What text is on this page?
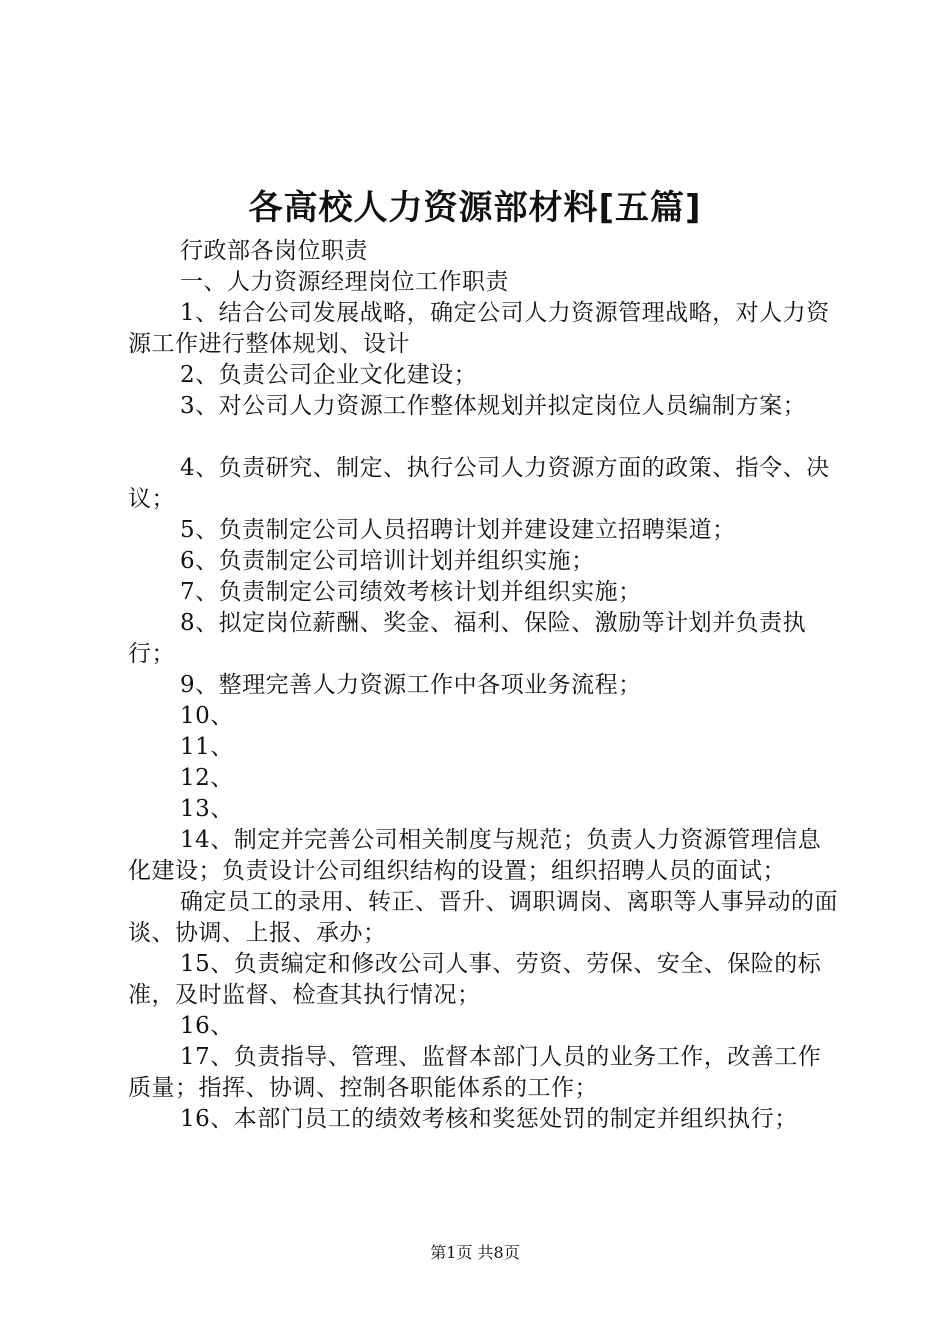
各高校人力资源部材料[五篇]

行政部各岗位职责

一、人力资源经理岗位工作职责

1、结合公司发展战略，确定公司人力资源管理战略，对人力资源工作进行整体规划、设计

2、负责公司企业文化建设；

3、对公司人力资源工作整体规划并拟定岗位人员编制方案；

4、负责研究、制定、执行公司人力资源方面的政策、指令、决议；

5、负责制定公司人员招聘计划并建设建立招聘渠道；

6、负责制定公司培训计划并组织实施；

7、负责制定公司绩效考核计划并组织实施；

8、拟定岗位薪酬、奖金、福利、保险、激励等计划并负责执行；

9、整理完善人力资源工作中各项业务流程；

10、

11、

12、

13、

14、制定并完善公司相关制度与规范；负责人力资源管理信息化建设；负责设计公司组织结构的设置；组织招聘人员的面试；

确定员工的录用、转正、晋升、调职调岗、离职等人事异动的面谈、协调、上报、承办；

15、负责编定和修改公司人事、劳资、劳保、安全、保险的标准，及时监督、检查其执行情况；

16、

17、负责指导、管理、监督本部门人员的业务工作，改善工作质量；指挥、协调、控制各职能体系的工作；

16、本部门员工的绩效考核和奖惩处罚的制定并组织执行；

第1页 共8页
